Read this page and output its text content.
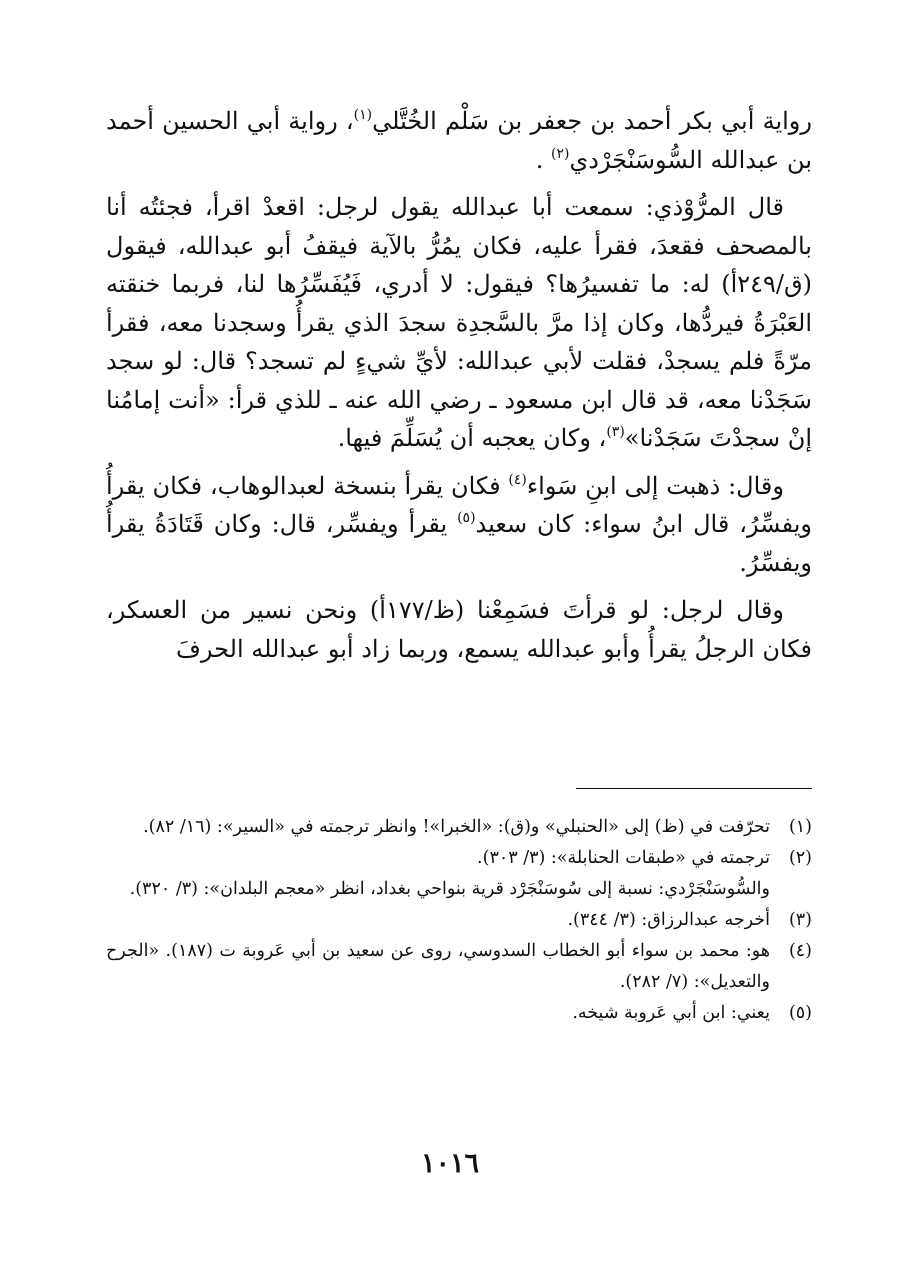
رواية أبي بكر أحمد بن جعفر بن سَلْم الخُتَّلي$^{(١)}$، رواية أبي الحسين أحمد بن عبدالله السُّوسَنْجَرْدي$^{(٢)}$ .

قال المرُّوْذي: سمعت أبا عبدالله يقول لرجل: اقعدْ اقرأ، فجئتُه أنا بالمصحف فقعدَ، فقرأ عليه، فكان يمُرُّ بالآية فيقفُ أبو عبدالله، فيقول (ق/٢٤٩أ) له: ما تفسيرُها؟ فيقول: لا أدري، فَيُفَسِّرُها لنا، فربما خنقته العَبْرَةُ فيردُّها، وكان إذا مرَّ بالسَّجدِة سجدَ الذي يقرأُ وسجدنا معه، فقرأ مرّةً فلم يسجدْ، فقلت لأبي عبدالله: لأيِّ شيءٍ لم تسجد؟ قال: لو سجد سَجَدْنا معه، قد قال ابن مسعود ـ رضي الله عنه ـ للذي قرأ: «أنت إمامُنا إنْ سجدْتَ سَجَدْنا»$^{(٣)}$، وكان يعجبه أن يُسَلِّمَ فيها.

وقال: ذهبت إلى ابنِ سَواء$^{(٤)}$ فكان يقرأ بنسخة لعبدالوهاب، فكان يقرأُ ويفسِّرُ، قال ابنُ سواء: كان سعيد$^{(٥)}$ يقرأ ويفسِّر، قال: وكان قَتَادَةُ يقرأُ ويفسِّرُ.

وقال لرجل: لو قرأتَ فسَمِعْنا (ظ/١٧٧أ) ونحن نسير من العسكر، فكان الرجلُ يقرأُ وأبو عبدالله يسمع، وربما زاد أبو عبدالله الحرفَ

(١)
تحرّفت في (ظ) إلى «الحنبلي» و(ق): «الخبرا»! وانظر ترجمته في «السير»: (١٦/ ٨٢).
(٢)
ترجمته في «طبقات الحنابلة»: (٣/ ٣٠٣).
والسُّوسَنْجَرْدي: نسبة إلى سُوسَنْجَرْد قرية بنواحي بغداد، انظر «معجم البلدان»: (٣/ ٣٢٠).
(٣)
أخرجه عبدالرزاق: (٣/ ٣٤٤).
(٤)
هو: محمد بن سواء أبو الخطاب السدوسي، روى عن سعيد بن أبي عَروبة ت (١٨٧). «الجرح والتعديل»: (٧/ ٢٨٢).
(٥)
يعني: ابن أبي عَروبة شيخه.
١٠١٦
